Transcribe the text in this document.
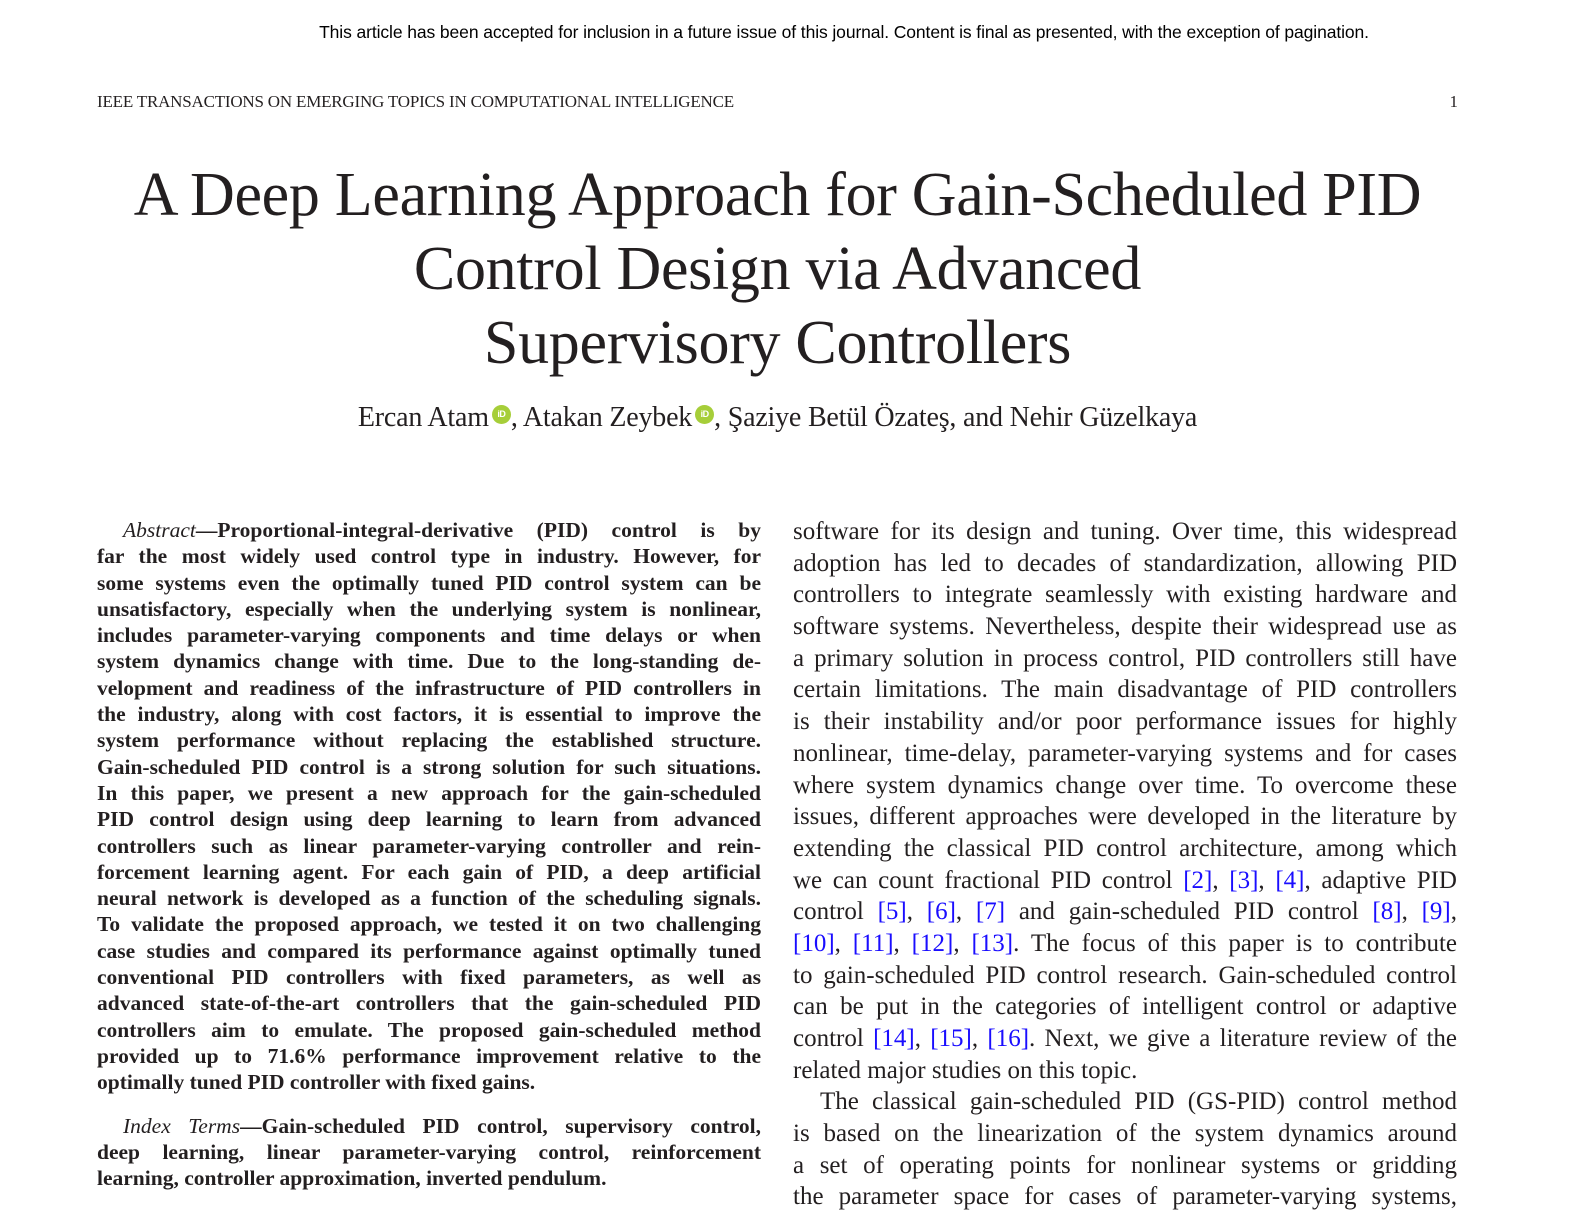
This article has been accepted for inclusion in a future issue of this journal. Content is final as presented, with the exception of pagination.
IEEE TRANSACTIONS ON EMERGING TOPICS IN COMPUTATIONAL INTELLIGENCE	1
A Deep Learning Approach for Gain-Scheduled PID
Control Design via Advanced
Supervisory Controllers
Ercan Atam iD , Atakan Zeybek iD , Şaziye Betül Özateş, and Nehir Güzelkaya
Abstract—Proportional-integral-derivative (PID) control is by
far the most widely used control type in industry. However, for
some systems even the optimally tuned PID control system can be
unsatisfactory, especially when the underlying system is nonlinear,
includes parameter-varying components and time delays or when
system dynamics change with time. Due to the long-standing de-
velopment and readiness of the infrastructure of PID controllers in
the industry, along with cost factors, it is essential to improve the
system performance without replacing the established structure.
Gain-scheduled PID control is a strong solution for such situations.
In this paper, we present a new approach for the gain-scheduled
PID control design using deep learning to learn from advanced
controllers such as linear parameter-varying controller and rein-
forcement learning agent. For each gain of PID, a deep artificial
neural network is developed as a function of the scheduling signals.
To validate the proposed approach, we tested it on two challenging
case studies and compared its performance against optimally tuned
conventional PID controllers with fixed parameters, as well as
advanced state-of-the-art controllers that the gain-scheduled PID
controllers aim to emulate. The proposed gain-scheduled method
provided up to 71.6% performance improvement relative to the
optimally tuned PID controller with fixed gains.
Index Terms—Gain-scheduled PID control, supervisory control,
deep learning, linear parameter-varying control, reinforcement
learning, controller approximation, inverted pendulum.
software for its design and tuning. Over time, this widespread
adoption has led to decades of standardization, allowing PID
controllers to integrate seamlessly with existing hardware and
software systems. Nevertheless, despite their widespread use as
a primary solution in process control, PID controllers still have
certain limitations. The main disadvantage of PID controllers
is their instability and/or poor performance issues for highly
nonlinear, time-delay, parameter-varying systems and for cases
where system dynamics change over time. To overcome these
issues, different approaches were developed in the literature by
extending the classical PID control architecture, among which
we can count fractional PID control [2], [3], [4], adaptive PID
control [5], [6], [7] and gain-scheduled PID control [8], [9],
[10], [11], [12], [13]. The focus of this paper is to contribute
to gain-scheduled PID control research. Gain-scheduled control
can be put in the categories of intelligent control or adaptive
control [14], [15], [16]. Next, we give a literature review of the
related major studies on this topic.
The classical gain-scheduled PID (GS-PID) control method
is based on the linearization of the system dynamics around
a set of operating points for nonlinear systems or gridding
the parameter space for cases of parameter-varying systems,
